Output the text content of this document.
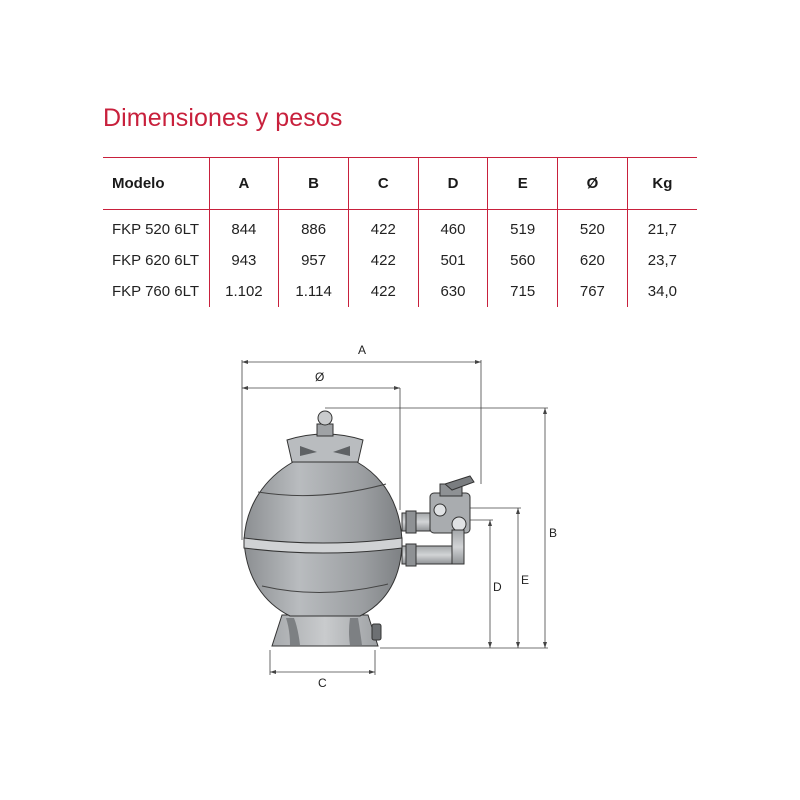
Dimensiones y pesos
Modelo	A	B	C	D	E	Ø	Kg
FKP 520 6LT	844	886	422	460	519	520	21,7
FKP 620 6LT	943	957	422	501	560	620	23,7
FKP 760 6LT	1.102	1.114	422	630	715	767	34,0
A
Ø
B
E
D
C
